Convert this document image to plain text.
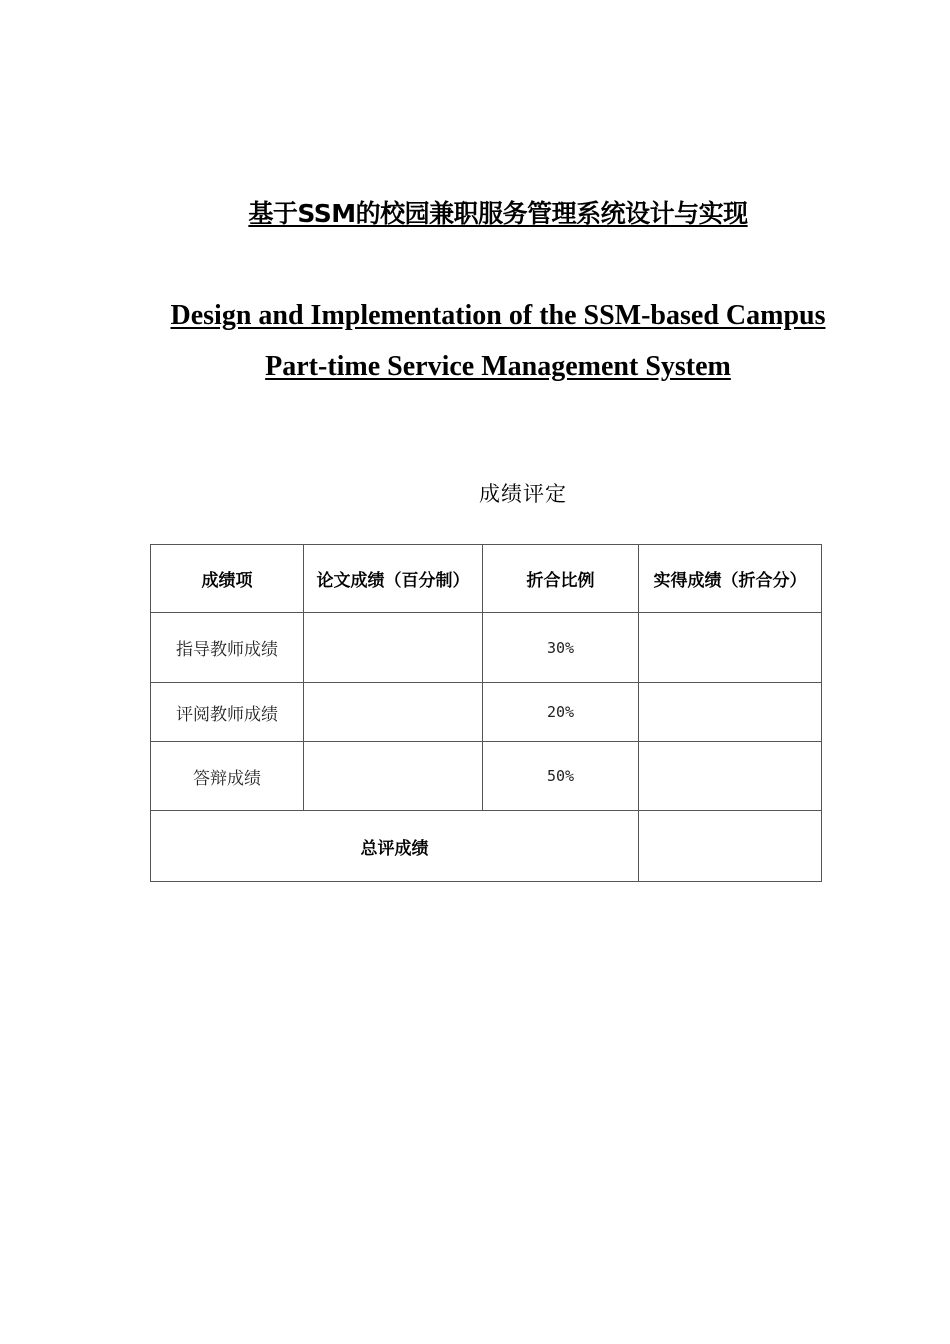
基于SSM的校园兼职服务管理系统设计与实现
Design and Implementation of the SSM-based Campus
Part-time Service Management System
成绩评定
成绩项	论文成绩（百分制）	折合比例	实得成绩（折合分）
指导教师成绩		30%	
评阅教师成绩		20%	
答辩成绩		50%	
总评成绩			
